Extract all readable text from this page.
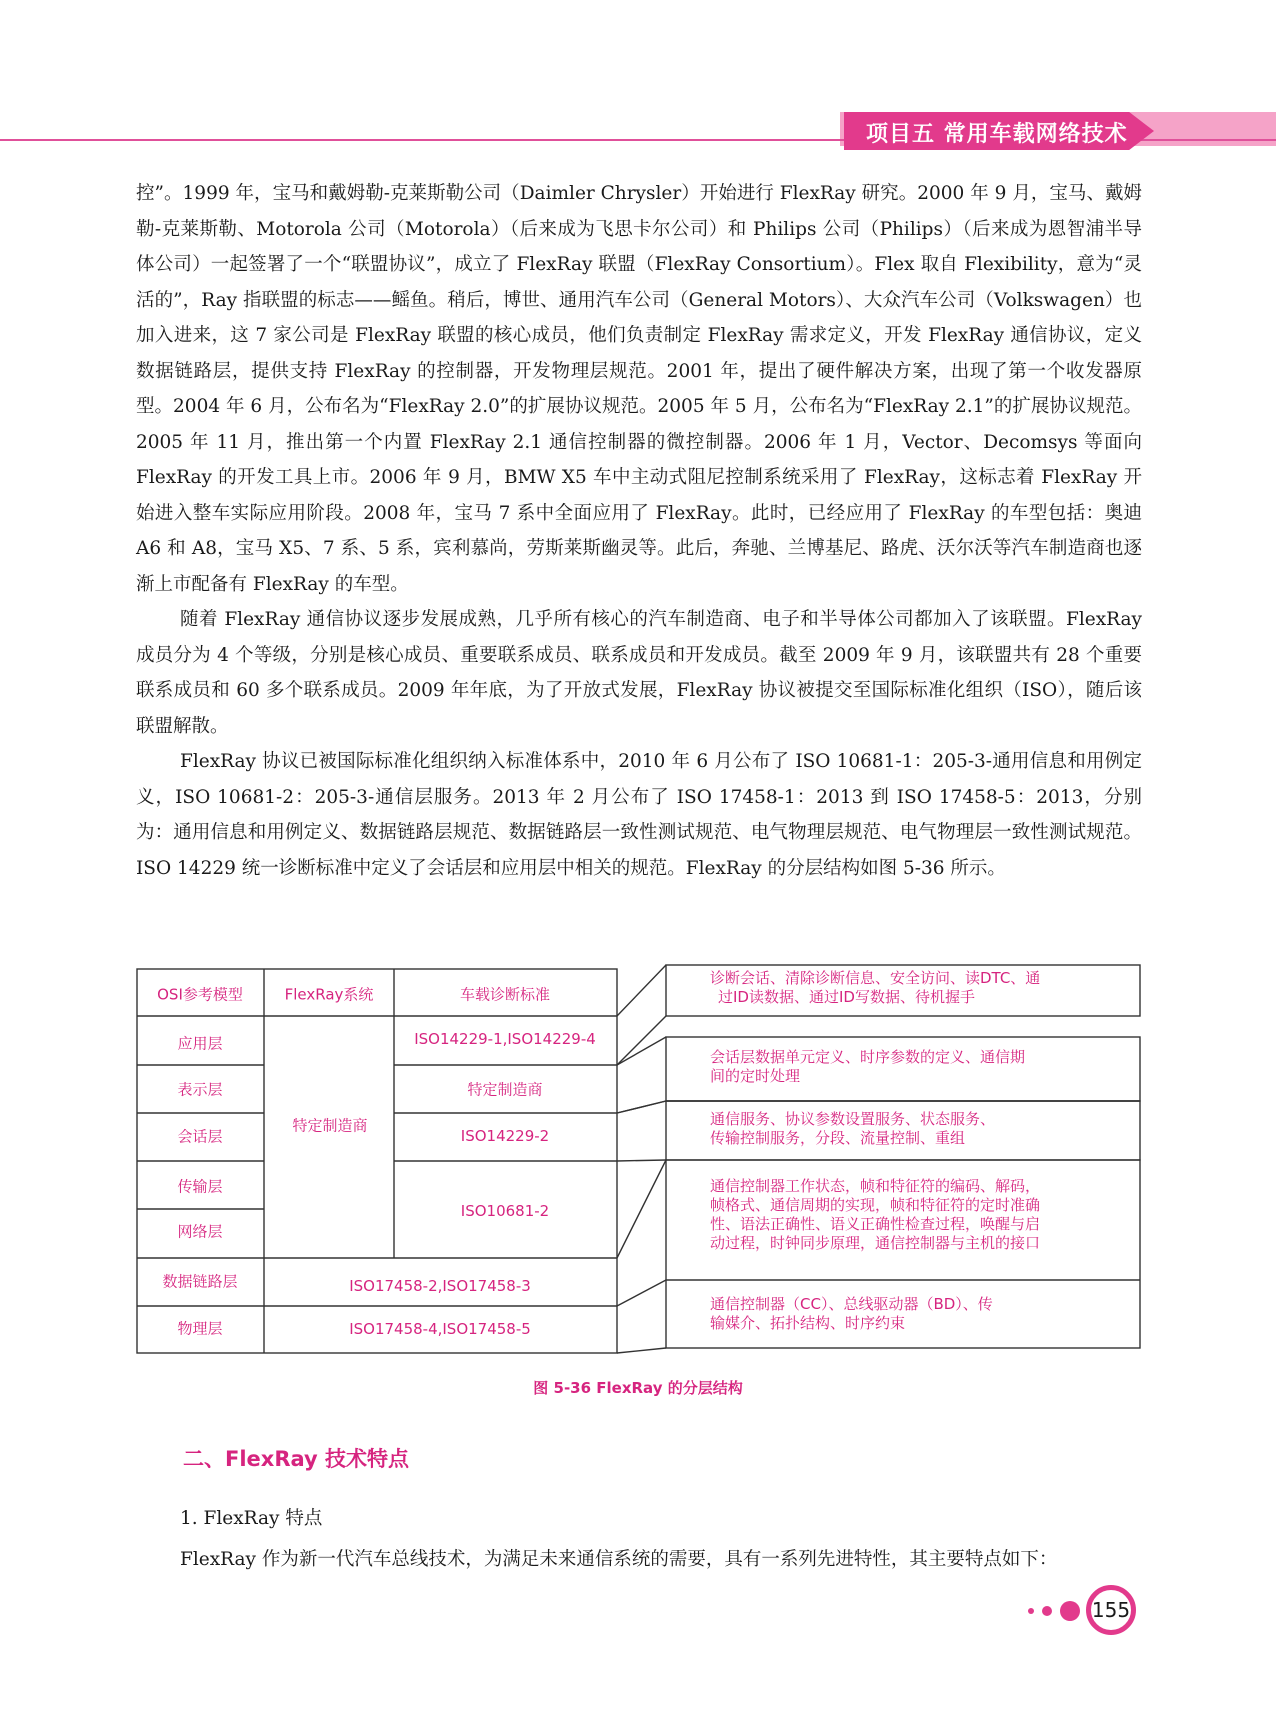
项目五 常用车载网络技术

控”。1999 年，宝马和戴姆勒-克莱斯勒公司（Daimler Chrysler）开始进行 FlexRay 研究。2000 年 9 月，宝马、戴姆勒-克莱斯勒、Motorola 公司（Motorola）（后来成为飞思卡尔公司）和 Philips 公司（Philips）（后来成为恩智浦半导体公司）一起签署了一个“联盟协议”，成立了 FlexRay 联盟（FlexRay Consortium）。Flex 取自 Flexibility，意为“灵活的”，Ray 指联盟的标志——鳐鱼。稍后，博世、通用汽车公司（General Motors）、大众汽车公司（Volkswagen）也加入进来，这 7 家公司是 FlexRay 联盟的核心成员，他们负责制定 FlexRay 需求定义，开发 FlexRay 通信协议，定义数据链路层，提供支持 FlexRay 的控制器，开发物理层规范。2001 年，提出了硬件解决方案，出现了第一个收发器原型。2004 年 6 月，公布名为“FlexRay 2.0”的扩展协议规范。2005 年 5 月，公布名为“FlexRay 2.1”的扩展协议规范。2005 年 11 月，推出第一个内置 FlexRay 2.1 通信控制器的微控制器。2006 年 1 月，Vector、Decomsys 等面向 FlexRay 的开发工具上市。2006 年 9 月，BMW X5 车中主动式阻尼控制系统采用了 FlexRay，这标志着 FlexRay 开始进入整车实际应用阶段。2008 年，宝马 7 系中全面应用了 FlexRay。此时，已经应用了 FlexRay 的车型包括：奥迪 A6 和 A8，宝马 X5、7 系、5 系，宾利慕尚，劳斯莱斯幽灵等。此后，奔驰、兰博基尼、路虎、沃尔沃等汽车制造商也逐渐上市配备有 FlexRay 的车型。

随着 FlexRay 通信协议逐步发展成熟，几乎所有核心的汽车制造商、电子和半导体公司都加入了该联盟。FlexRay 成员分为 4 个等级，分别是核心成员、重要联系成员、联系成员和开发成员。截至 2009 年 9 月，该联盟共有 28 个重要联系成员和 60 多个联系成员。2009 年年底，为了开放式发展，FlexRay 协议被提交至国际标准化组织（ISO），随后该联盟解散。

FlexRay 协议已被国际标准化组织纳入标准体系中，2010 年 6 月公布了 ISO 10681-1：205-3-通用信息和用例定义，ISO 10681-2：205-3-通信层服务。2013 年 2 月公布了 ISO 17458-1：2013 到 ISO 17458-5：2013，分别为：通用信息和用例定义、数据链路层规范、数据链路层一致性测试规范、电气物理层规范、电气物理层一致性测试规范。ISO 14229 统一诊断标准中定义了会话层和应用层中相关的规范。FlexRay 的分层结构如图 5-36 所示。

OSI参考模型	FlexRay系统	车载诊断标准
应用层
表示层
会话层
传输层
网络层
数据链路层
物理层
特定制造商
ISO14229-1,ISO14229-4
特定制造商
ISO14229-2
ISO10681-2
ISO17458-2,ISO17458-3
ISO17458-4,ISO17458-5
诊断会话、清除诊断信息、安全访问、读DTC、通
过ID读数据、通过ID写数据、待机握手
会话层数据单元定义、时序参数的定义、通信期
间的定时处理
通信服务、协议参数设置服务、状态服务、
传输控制服务，分段、流量控制、重组
通信控制器工作状态，帧和特征符的编码、解码，
帧格式、通信周期的实现，帧和特征符的定时准确
性、语法正确性、语义正确性检查过程，唤醒与启
动过程，时钟同步原理，通信控制器与主机的接口
通信控制器（CC）、总线驱动器（BD）、传
输媒介、拓扑结构、时序约束
图 5-36 FlexRay 的分层结构
二、FlexRay 技术特点
1. FlexRay 特点
FlexRay 作为新一代汽车总线技术，为满足未来通信系统的需要，具有一系列先进特性，其主要特点如下：
155
